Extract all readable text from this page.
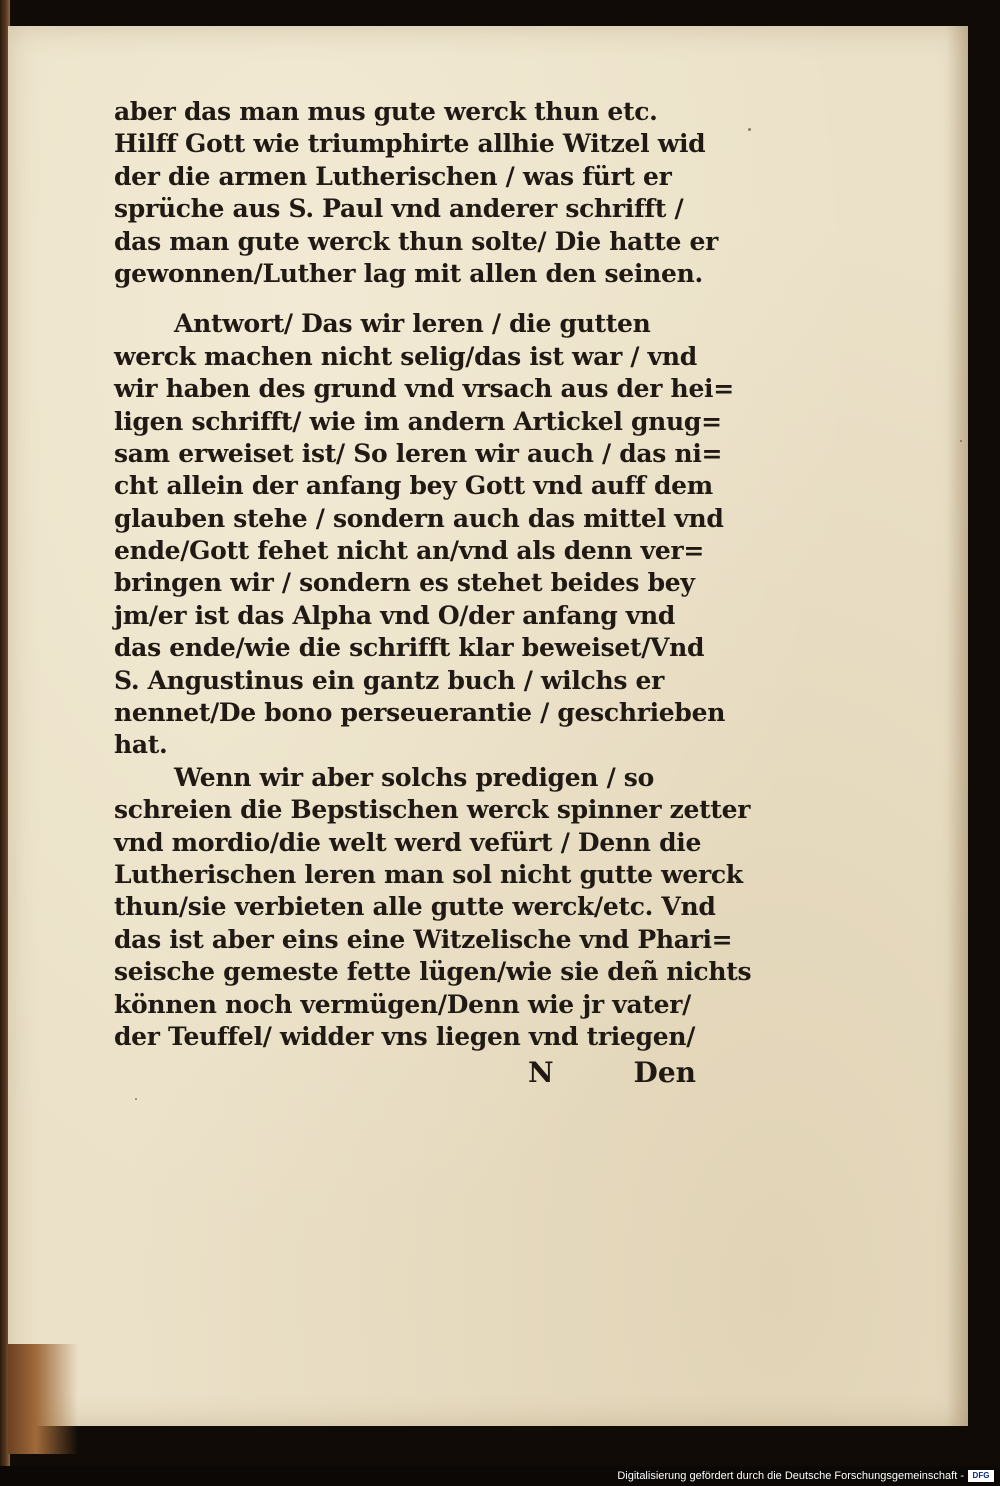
aber das man mus gute werck thun etc.
Hilff Gott wie triumphirte allhie Witzel wid
der die armen Lutherischen / was fürt er
sprüche aus S. Paul vnd anderer schrifft /
das man gute werck thun solte/ Die hatte er
gewonnen/Luther lag mit allen den seinen.
Antwort/ Das wir leren / die gutten
werck machen nicht selig/das ist war / vnd
wir haben des grund vnd vrsach aus der hei=
ligen schrifft/ wie im andern Artickel gnug=
sam erweiset ist/ So leren wir auch / das ni=
cht allein der anfang bey Gott vnd auff dem
glauben stehe / sondern auch das mittel vnd
ende/Gott fehet nicht an/vnd als denn ver=
bringen wir / sondern es stehet beides bey
jm/er ist das Alpha vnd O/der anfang vnd
das ende/wie die schrifft klar beweiset/Vnd
S. Angustinus ein gantz buch / wilchs er
nennet/De bono perseuerantie / geschrieben
hat.
Wenn wir aber solchs predigen / so
schreien die Bepstischen werck spinner zetter
vnd mordio/die welt werd vefürt / Denn die
Lutherischen leren man sol nicht gutte werck
thun/sie verbieten alle gutte werck/etc. Vnd
das ist aber eins eine Witzelische vnd Phari=
seische gemeste fette lügen/wie sie deñ nichts
können noch vermügen/Denn wie jr vater/
der Teuffel/ widder vns liegen vnd triegen/
N	Den
Digitalisierung gefördert durch die Deutsche Forschungsgemeinschaft -	DFG
